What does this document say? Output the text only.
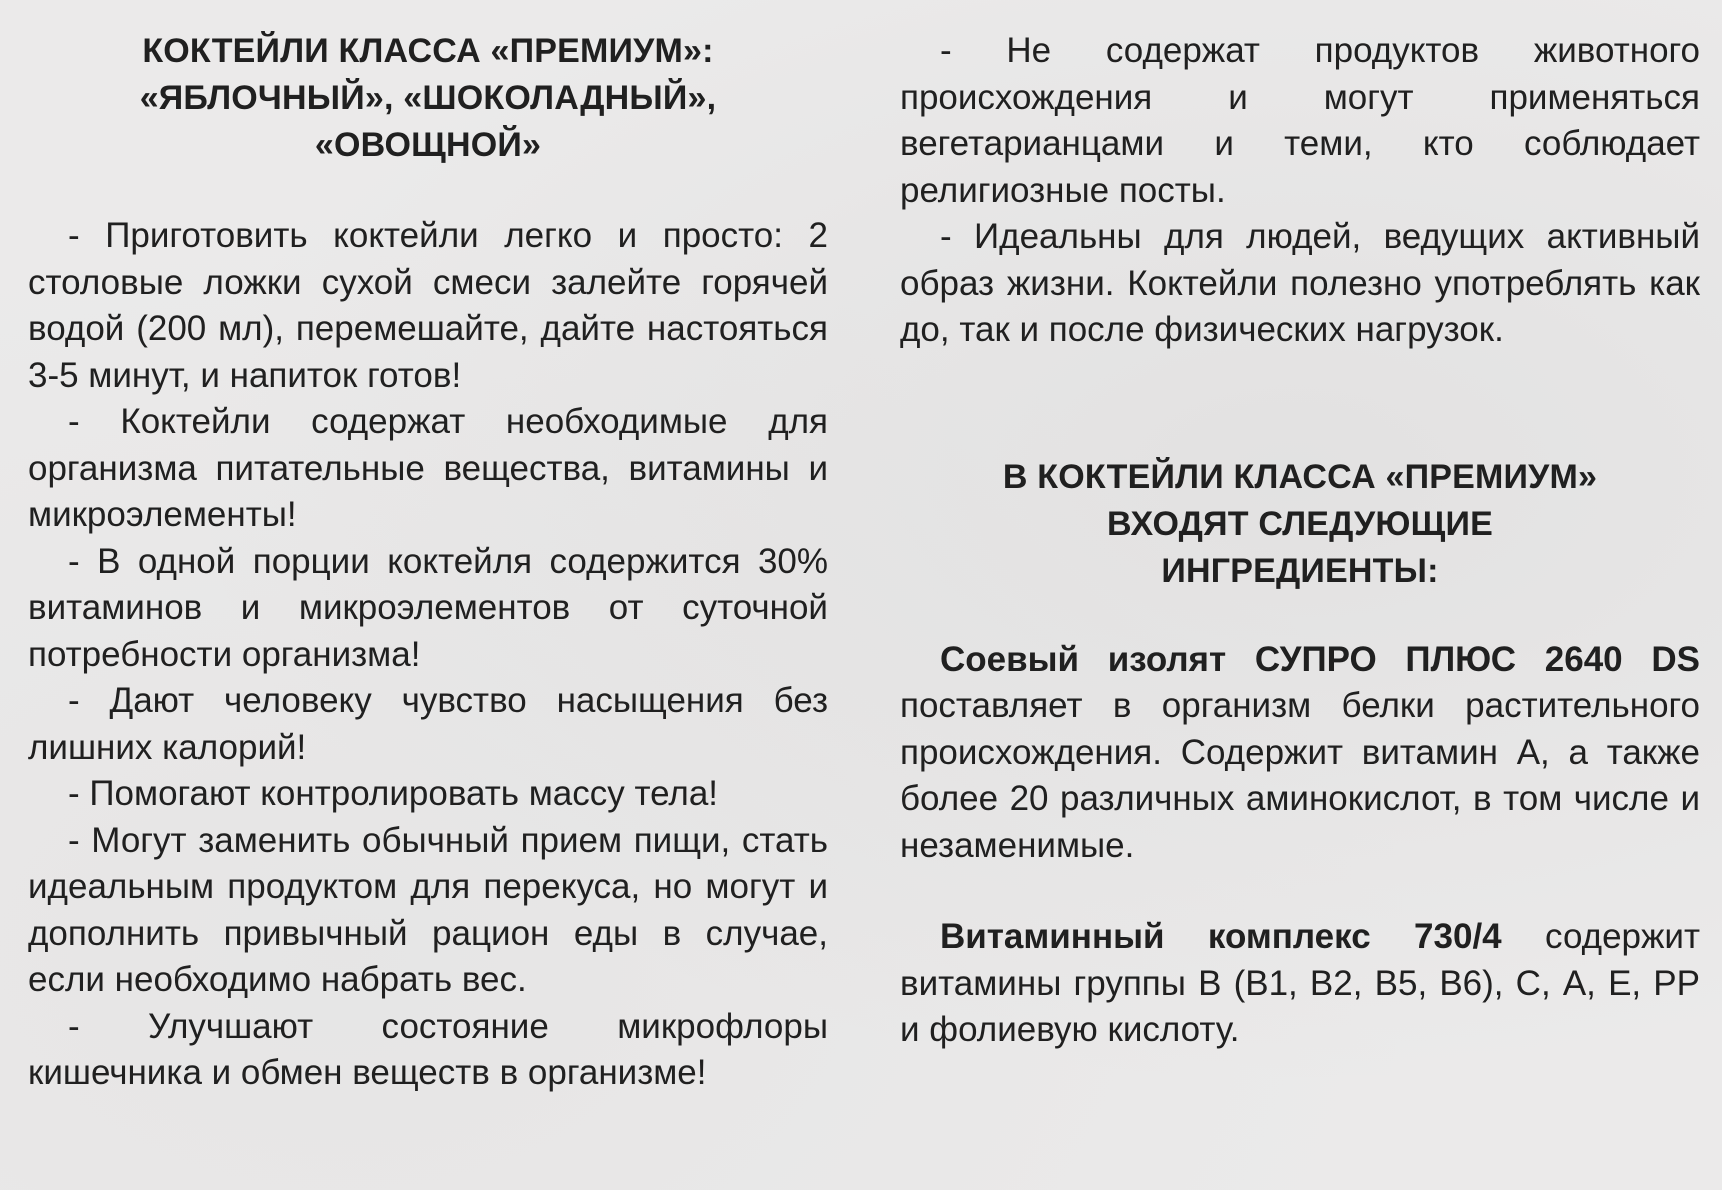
КОКТЕЙЛИ КЛАССА «ПРЕМИУМ»:
«ЯБЛОЧНЫЙ», «ШОКОЛАДНЫЙ»,
«ОВОЩНОЙ»

- Приготовить коктейли легко и просто: 2 столовые ложки сухой смеси залейте горячей водой (200 мл), перемешайте, дайте настояться 3-5 минут, и напиток готов!

- Коктейли содержат необходимые для организма питательные вещества, витамины и микроэлементы!

- В одной порции коктейля содержится 30% витаминов и микроэлементов от суточной потребности организма!

- Дают человеку чувство насыщения без лишних калорий!

- Помогают контролировать массу тела!

- Могут заменить обычный прием пищи, стать идеальным продуктом для перекуса, но могут и дополнить привычный рацион еды в случае, если необходимо набрать вес.

- Улучшают состояние микрофлоры кишечника и обмен веществ в организме!

- Не содержат продуктов животного происхождения и могут применяться вегетарианцами и теми, кто соблюдает религиозные посты.

- Идеальны для людей, ведущих активный образ жизни. Коктейли полезно употреблять как до, так и после физических нагрузок.

В КОКТЕЙЛИ КЛАССА «ПРЕМИУМ»
ВХОДЯТ СЛЕДУЮЩИЕ
ИНГРЕДИЕНТЫ:

Соевый изолят СУПРО ПЛЮС 2640 DS поставляет в организм белки растительного происхождения. Содержит витамин А, а также более 20 различных аминокислот, в том числе и незаменимые.

Витаминный комплекс 730/4 содержит витамины группы В (В1, В2, В5, В6), С, А, Е, РР и фолиевую кислоту.
